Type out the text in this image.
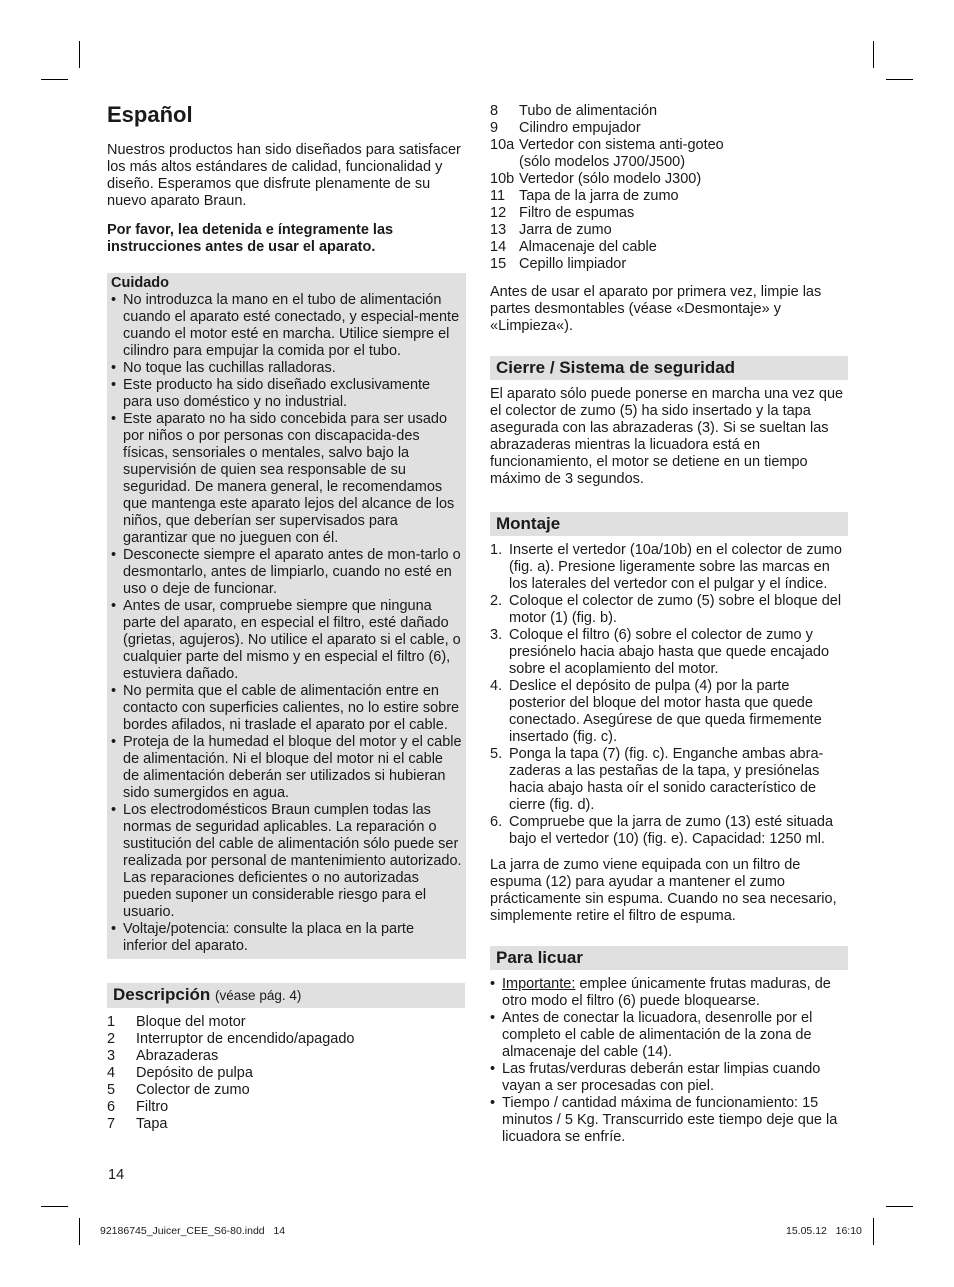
Español

Nuestros productos han sido diseñados para satisfacer los más altos estándares de calidad, funcionalidad y diseño. Esperamos que disfrute plenamente de su nuevo aparato Braun.

Por favor, lea detenida e íntegramente las instrucciones antes de usar el aparato.

Cuidado

• No introduzca la mano en el tubo de alimentación cuando el aparato esté conectado, y especial-mente cuando el motor esté en marcha. Utilice siempre el cilindro para empujar la comida por el tubo.
• No toque las cuchillas ralladoras.
• Este producto ha sido diseñado exclusivamente para uso doméstico y no industrial.
• Este aparato no ha sido concebida para ser usado por niños o por personas con discapacida-des físicas, sensoriales o mentales, salvo bajo la supervisión de quien sea responsable de su seguridad. De manera general, le recomendamos que mantenga este aparato lejos del alcance de los niños, que deberían ser supervisados para garantizar que no jueguen con él.
• Desconecte siempre el aparato antes de mon-tarlo o desmontarlo, antes de limpiarlo, cuando no esté en uso o deje de funcionar.
• Antes de usar, compruebe siempre que ninguna parte del aparato, en especial el filtro, esté dañado (grietas, agujeros). No utilice el aparato si el cable, o cualquier parte del mismo y en especial el filtro (6), estuviera dañado.
• No permita que el cable de alimentación entre en contacto con superficies calientes, no lo estire sobre bordes afilados, ni traslade el aparato por el cable.
• Proteja de la humedad el bloque del motor y el cable de alimentación. Ni el bloque del motor ni el cable de alimentación deberán ser utilizados si hubieran sido sumergidos en agua.
• Los electrodomésticos Braun cumplen todas las normas de seguridad aplicables. La reparación o sustitución del cable de alimentación sólo puede ser realizada por personal de mantenimiento autorizado. Las reparaciones deficientes o no autorizadas pueden suponer un considerable riesgo para el usuario.
• Voltaje/potencia: consulte la placa en la parte inferior del aparato.
Descripción (véase pág. 4)
1	Bloque del motor
2	Interruptor de encendido/apagado
3	Abrazaderas
4	Depósito de pulpa
5	Colector de zumo
6	Filtro
7	Tapa
8	Tubo de alimentación
9	Cilindro empujador
10a	Vertedor con sistema anti-goteo
	(sólo modelos J700/J500)
10b	Vertedor (sólo modelo J300)
11	Tapa de la jarra de zumo
12	Filtro de espumas
13	Jarra de zumo
14	Almacenaje del cable
15	Cepillo limpiador

Antes de usar el aparato por primera vez, limpie las partes desmontables (véase «Desmontaje» y «Limpieza«).

Cierre / Sistema de seguridad

El aparato sólo puede ponerse en marcha una vez que el colector de zumo (5) ha sido insertado y la tapa asegurada con las abrazaderas (3). Si se sueltan las abrazaderas mientras la licuadora está en funcionamiento, el motor se detiene en un tiempo máximo de 3 segundos.

Montaje
1. Inserte el vertedor (10a/10b) en el colector de zumo (fig. a). Presione ligeramente sobre las marcas en los laterales del vertedor con el pulgar y el índice.
2. Coloque el colector de zumo (5) sobre el bloque del motor (1) (fig. b).
3. Coloque el filtro (6) sobre el colector de zumo y presiónelo hacia abajo hasta que quede encajado sobre el acoplamiento del motor.
4. Deslice el depósito de pulpa (4) por la parte posterior del bloque del motor hasta que quede conectado. Asegúrese de que queda firmemente insertado (fig. c).
5. Ponga la tapa (7) (fig. c). Enganche ambas abra-zaderas a las pestañas de la tapa, y presiónelas hacia abajo hasta oír el sonido característico de cierre (fig. d).
6. Compruebe que la jarra de zumo (13) esté situada bajo el vertedor (10) (fig. e). Capacidad: 1250 ml.

La jarra de zumo viene equipada con un filtro de espuma (12) para ayudar a mantener el zumo prácticamente sin espuma. Cuando no sea necesario, simplemente retire el filtro de espuma.

Para licuar
• Importante: emplee únicamente frutas maduras, de otro modo el filtro (6) puede bloquearse.
• Antes de conectar la licuadora, desenrolle por el completo el cable de alimentación de la zona de almacenaje del cable (14).
• Las frutas/verduras deberán estar limpias cuando vayan a ser procesadas con piel.
• Tiempo / cantidad máxima de funcionamiento: 15 minutos / 5 Kg. Transcurrido este tiempo deje que la licuadora se enfríe.
14
92186745_Juicer_CEE_S6-80.indd   14	15.05.12   16:10
